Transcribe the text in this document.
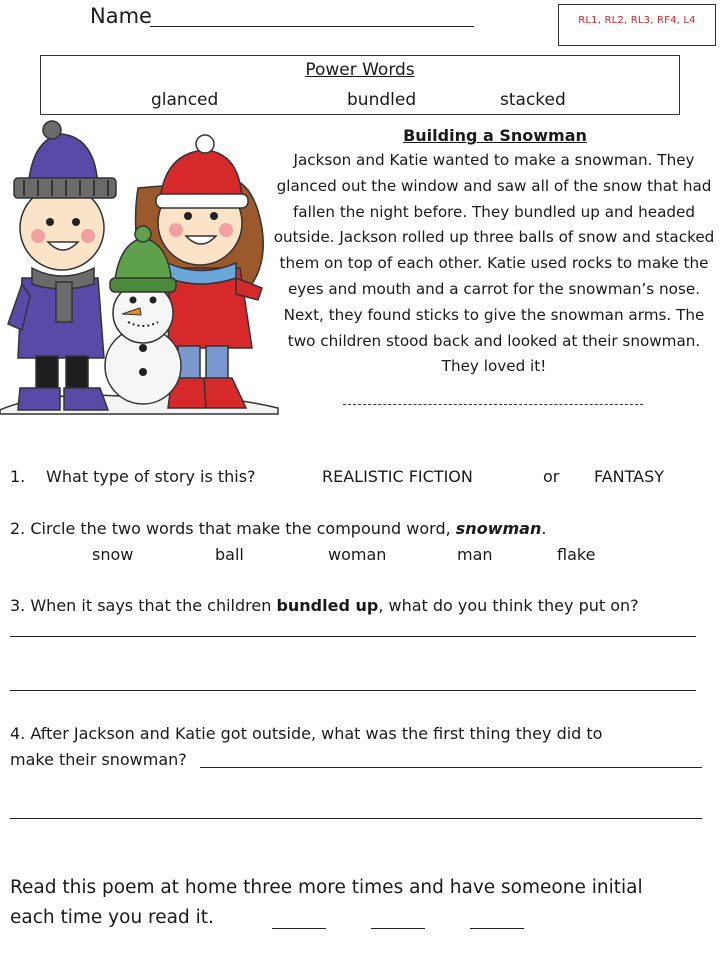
Name	RL1, RL2, RL3, RF4, L4
Power Words
glanced	bundled	stacked
Building a Snowman
Jackson and Katie wanted to make a snowman. They glanced out the window and saw all of the snow that had fallen the night before. They bundled up and headed outside. Jackson rolled up three balls of snow and stacked them on top of each other. Katie used rocks to make the eyes and mouth and a carrot for the snowman’s nose. Next, they found sticks to give the snowman arms. The two children stood back and looked at their snowman. They loved it!
1. What type of story is this?	REALISTIC FICTION	or FANTASY
2. Circle the two words that make the compound word, snowman.
snow	ball	woman	man	flake
3. When it says that the children bundled up, what do you think they put on?
4. After Jackson and Katie got outside, what was the first thing they did to
make their snowman?
Read this poem at home three more times and have someone initial
each time you read it.
